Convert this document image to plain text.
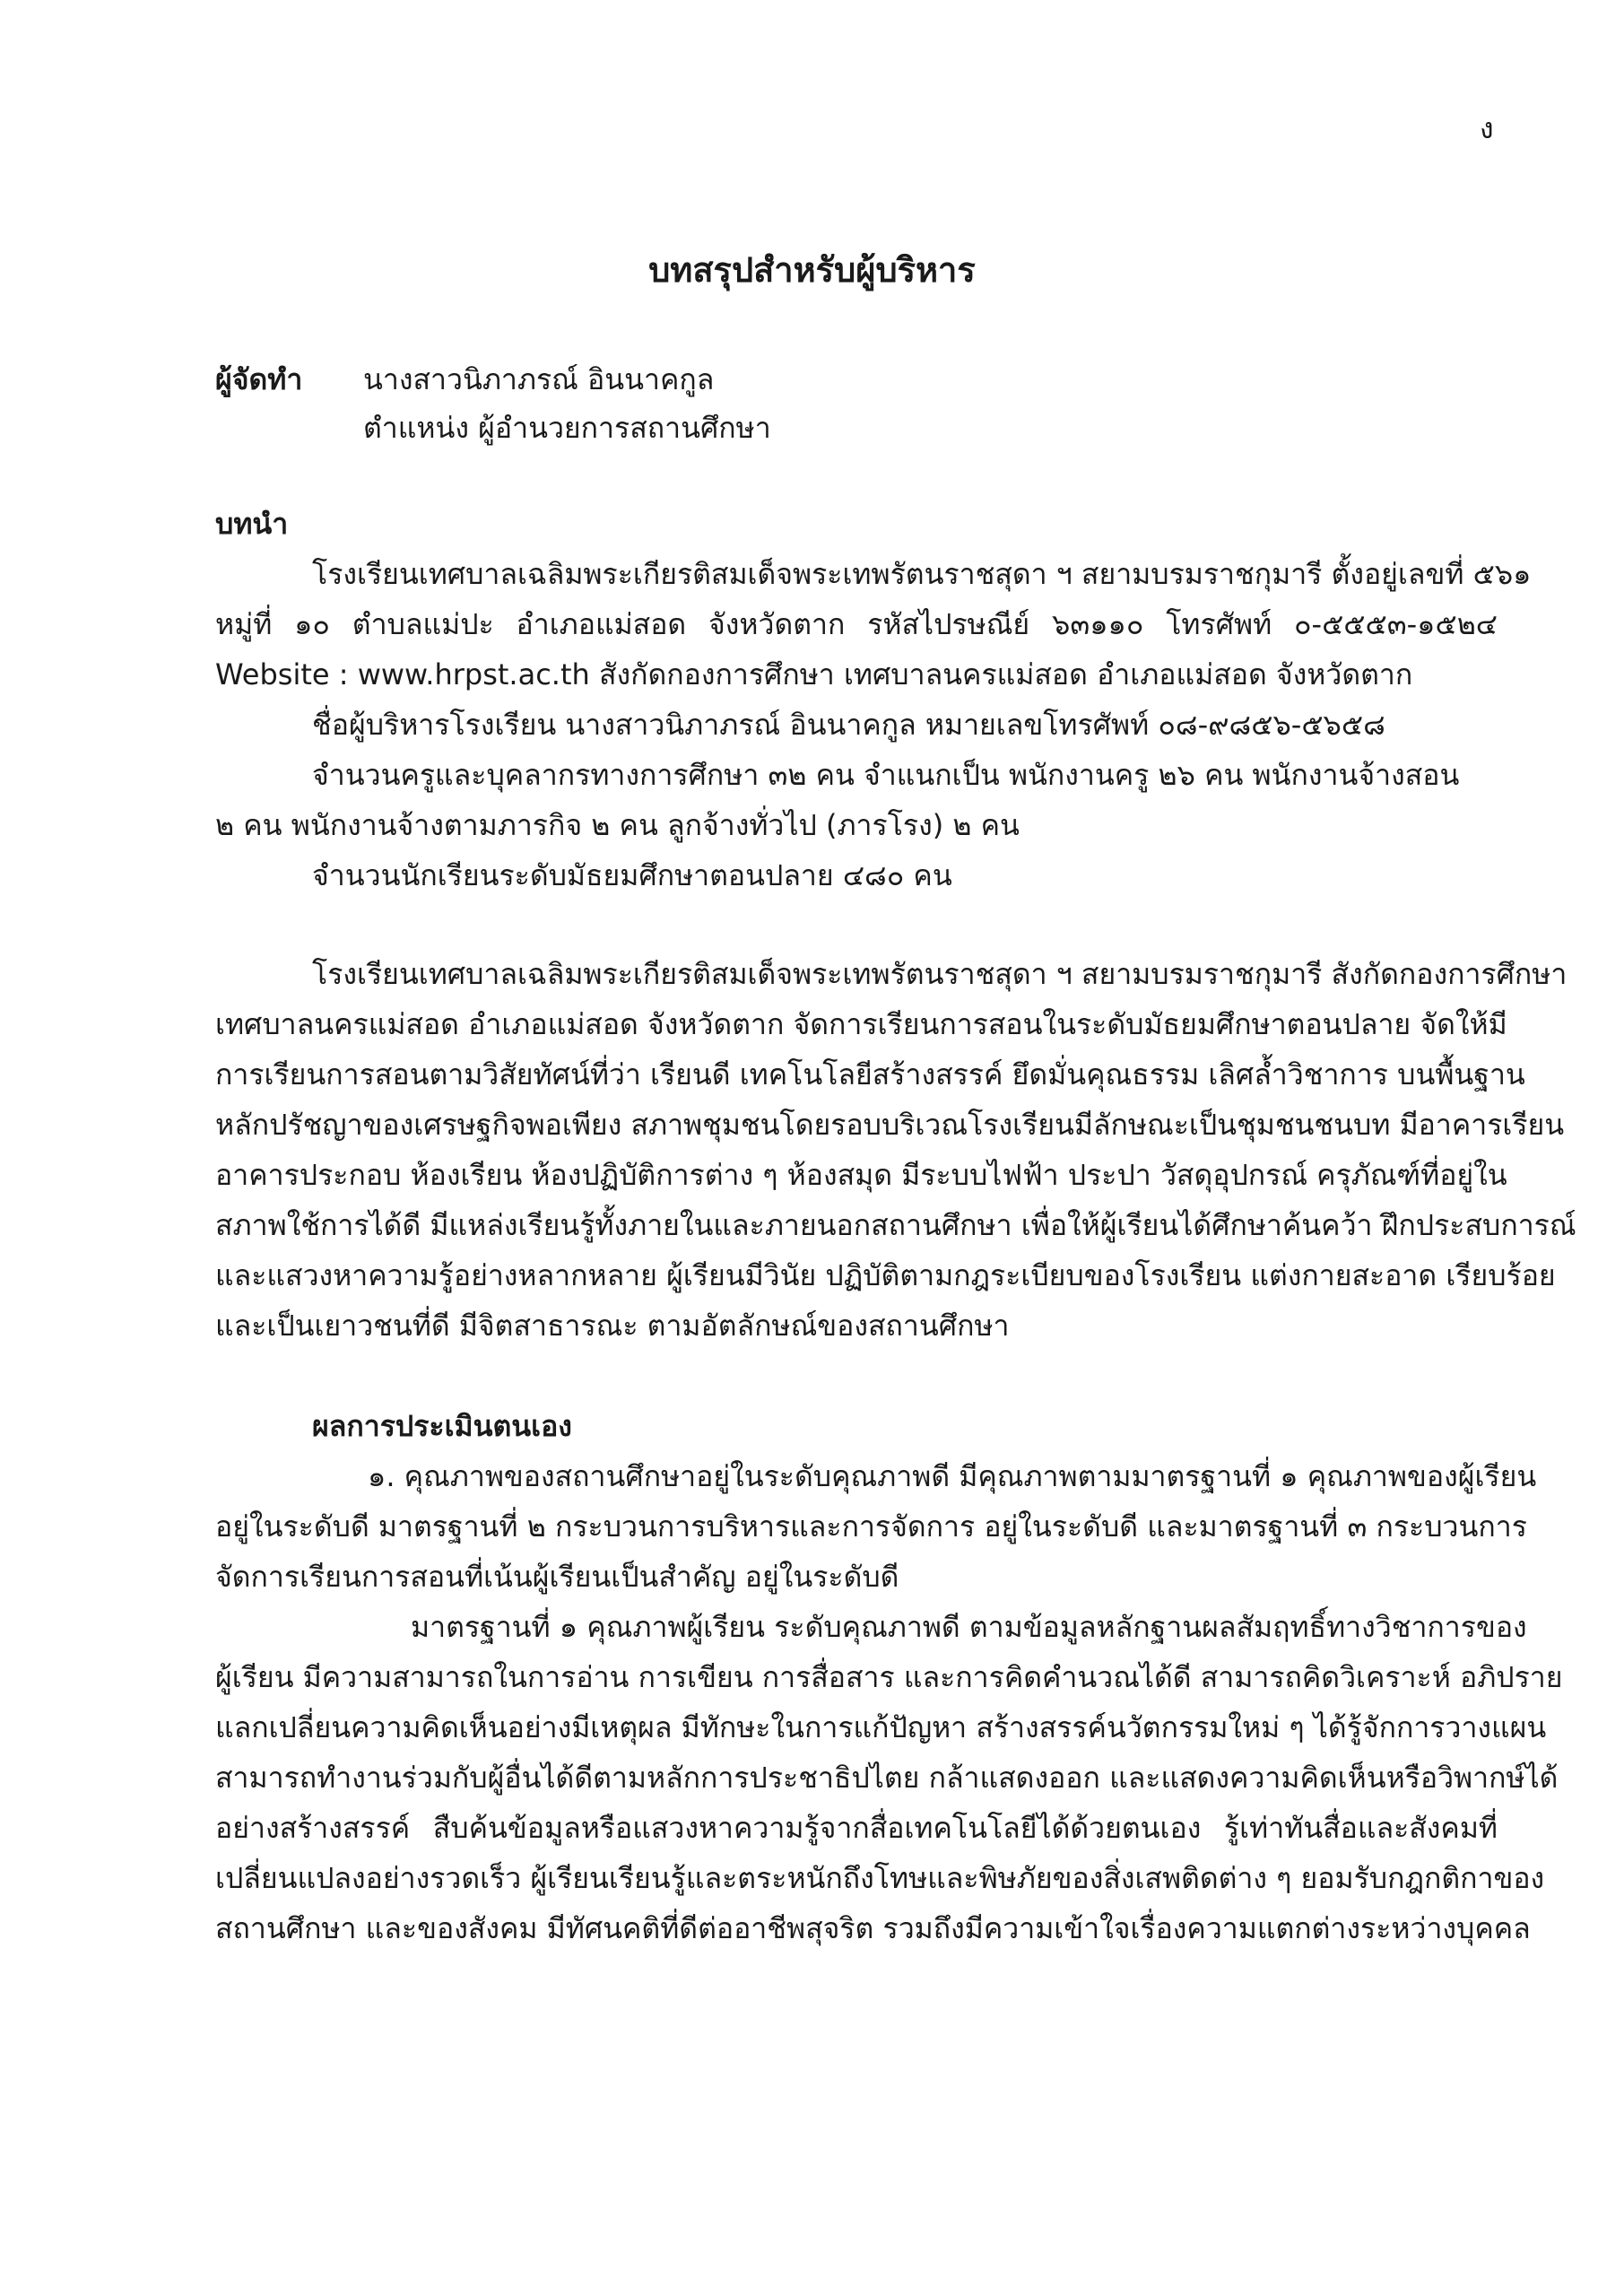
ง
บทสรุปสำหรับผู้บริหาร
ผู้จัดทำ นางสาวนิภาภรณ์ อินนาคกูล
ตำแหน่ง ผู้อำนวยการสถานศึกษา
บทนำ
โรงเรียนเทศบาลเฉลิมพระเกียรติสมเด็จพระเทพรัตนราชสุดา ฯ สยามบรมราชกุมารี ตั้งอยู่เลขที่ ๕๖๑
หมู่ที่ ๑๐ ตำบลแม่ปะ อำเภอแม่สอด จังหวัดตาก รหัสไปรษณีย์ ๖๓๑๑๐ โทรศัพท์ ๐-๕๕๕๓-๑๕๒๔
Website : www.hrpst.ac.th สังกัดกองการศึกษา เทศบาลนครแม่สอด อำเภอแม่สอด จังหวัดตาก
ชื่อผู้บริหารโรงเรียน นางสาวนิภาภรณ์ อินนาคกูล หมายเลขโทรศัพท์ ๐๘-๙๘๕๖-๕๖๕๘
จำนวนครูและบุคลากรทางการศึกษา ๓๒ คน จำแนกเป็น พนักงานครู ๒๖ คน พนักงานจ้างสอน
๒ คน พนักงานจ้างตามภารกิจ ๒ คน ลูกจ้างทั่วไป (ภารโรง) ๒ คน
จำนวนนักเรียนระดับมัธยมศึกษาตอนปลาย ๔๘๐ คน
โรงเรียนเทศบาลเฉลิมพระเกียรติสมเด็จพระเทพรัตนราชสุดา ฯ สยามบรมราชกุมารี สังกัดกองการศึกษา
เทศบาลนครแม่สอด อำเภอแม่สอด จังหวัดตาก จัดการเรียนการสอนในระดับมัธยมศึกษาตอนปลาย จัดให้มี
การเรียนการสอนตามวิสัยทัศน์ที่ว่า เรียนดี เทคโนโลยีสร้างสรรค์ ยึดมั่นคุณธรรม เลิศล้ำวิชาการ บนพื้นฐาน
หลักปรัชญาของเศรษฐกิจพอเพียง สภาพชุมชนโดยรอบบริเวณโรงเรียนมีลักษณะเป็นชุมชนชนบท มีอาคารเรียน
อาคารประกอบ ห้องเรียน ห้องปฏิบัติการต่าง ๆ ห้องสมุด มีระบบไฟฟ้า ประปา วัสดุอุปกรณ์ ครุภัณฑ์ที่อยู่ใน
สภาพใช้การได้ดี มีแหล่งเรียนรู้ทั้งภายในและภายนอกสถานศึกษา เพื่อให้ผู้เรียนได้ศึกษาค้นคว้า ฝึกประสบการณ์
และแสวงหาความรู้อย่างหลากหลาย ผู้เรียนมีวินัย ปฏิบัติตามกฎระเบียบของโรงเรียน แต่งกายสะอาด เรียบร้อย
และเป็นเยาวชนที่ดี มีจิตสาธารณะ ตามอัตลักษณ์ของสถานศึกษา
ผลการประเมินตนเอง
๑. คุณภาพของสถานศึกษาอยู่ในระดับคุณภาพดี มีคุณภาพตามมาตรฐานที่ ๑ คุณภาพของผู้เรียน
อยู่ในระดับดี มาตรฐานที่ ๒ กระบวนการบริหารและการจัดการ อยู่ในระดับดี และมาตรฐานที่ ๓ กระบวนการ
จัดการเรียนการสอนที่เน้นผู้เรียนเป็นสำคัญ อยู่ในระดับดี
มาตรฐานที่ ๑ คุณภาพผู้เรียน ระดับคุณภาพดี ตามข้อมูลหลักฐานผลสัมฤทธิ์ทางวิชาการของ
ผู้เรียน มีความสามารถในการอ่าน การเขียน การสื่อสาร และการคิดคำนวณได้ดี สามารถคิดวิเคราะห์ อภิปราย
แลกเปลี่ยนความคิดเห็นอย่างมีเหตุผล มีทักษะในการแก้ปัญหา สร้างสรรค์นวัตกรรมใหม่ ๆ ได้รู้จักการวางแผน
สามารถทำงานร่วมกับผู้อื่นได้ดีตามหลักการประชาธิปไตย กล้าแสดงออก และแสดงความคิดเห็นหรือวิพากษ์ได้
อย่างสร้างสรรค์ สืบค้นข้อมูลหรือแสวงหาความรู้จากสื่อเทคโนโลยีได้ด้วยตนเอง รู้เท่าทันสื่อและสังคมที่
เปลี่ยนแปลงอย่างรวดเร็ว ผู้เรียนเรียนรู้และตระหนักถึงโทษและพิษภัยของสิ่งเสพติดต่าง ๆ ยอมรับกฎกติกาของ
สถานศึกษา และของสังคม มีทัศนคติที่ดีต่ออาชีพสุจริต รวมถึงมีความเข้าใจเรื่องความแตกต่างระหว่างบุคคล
